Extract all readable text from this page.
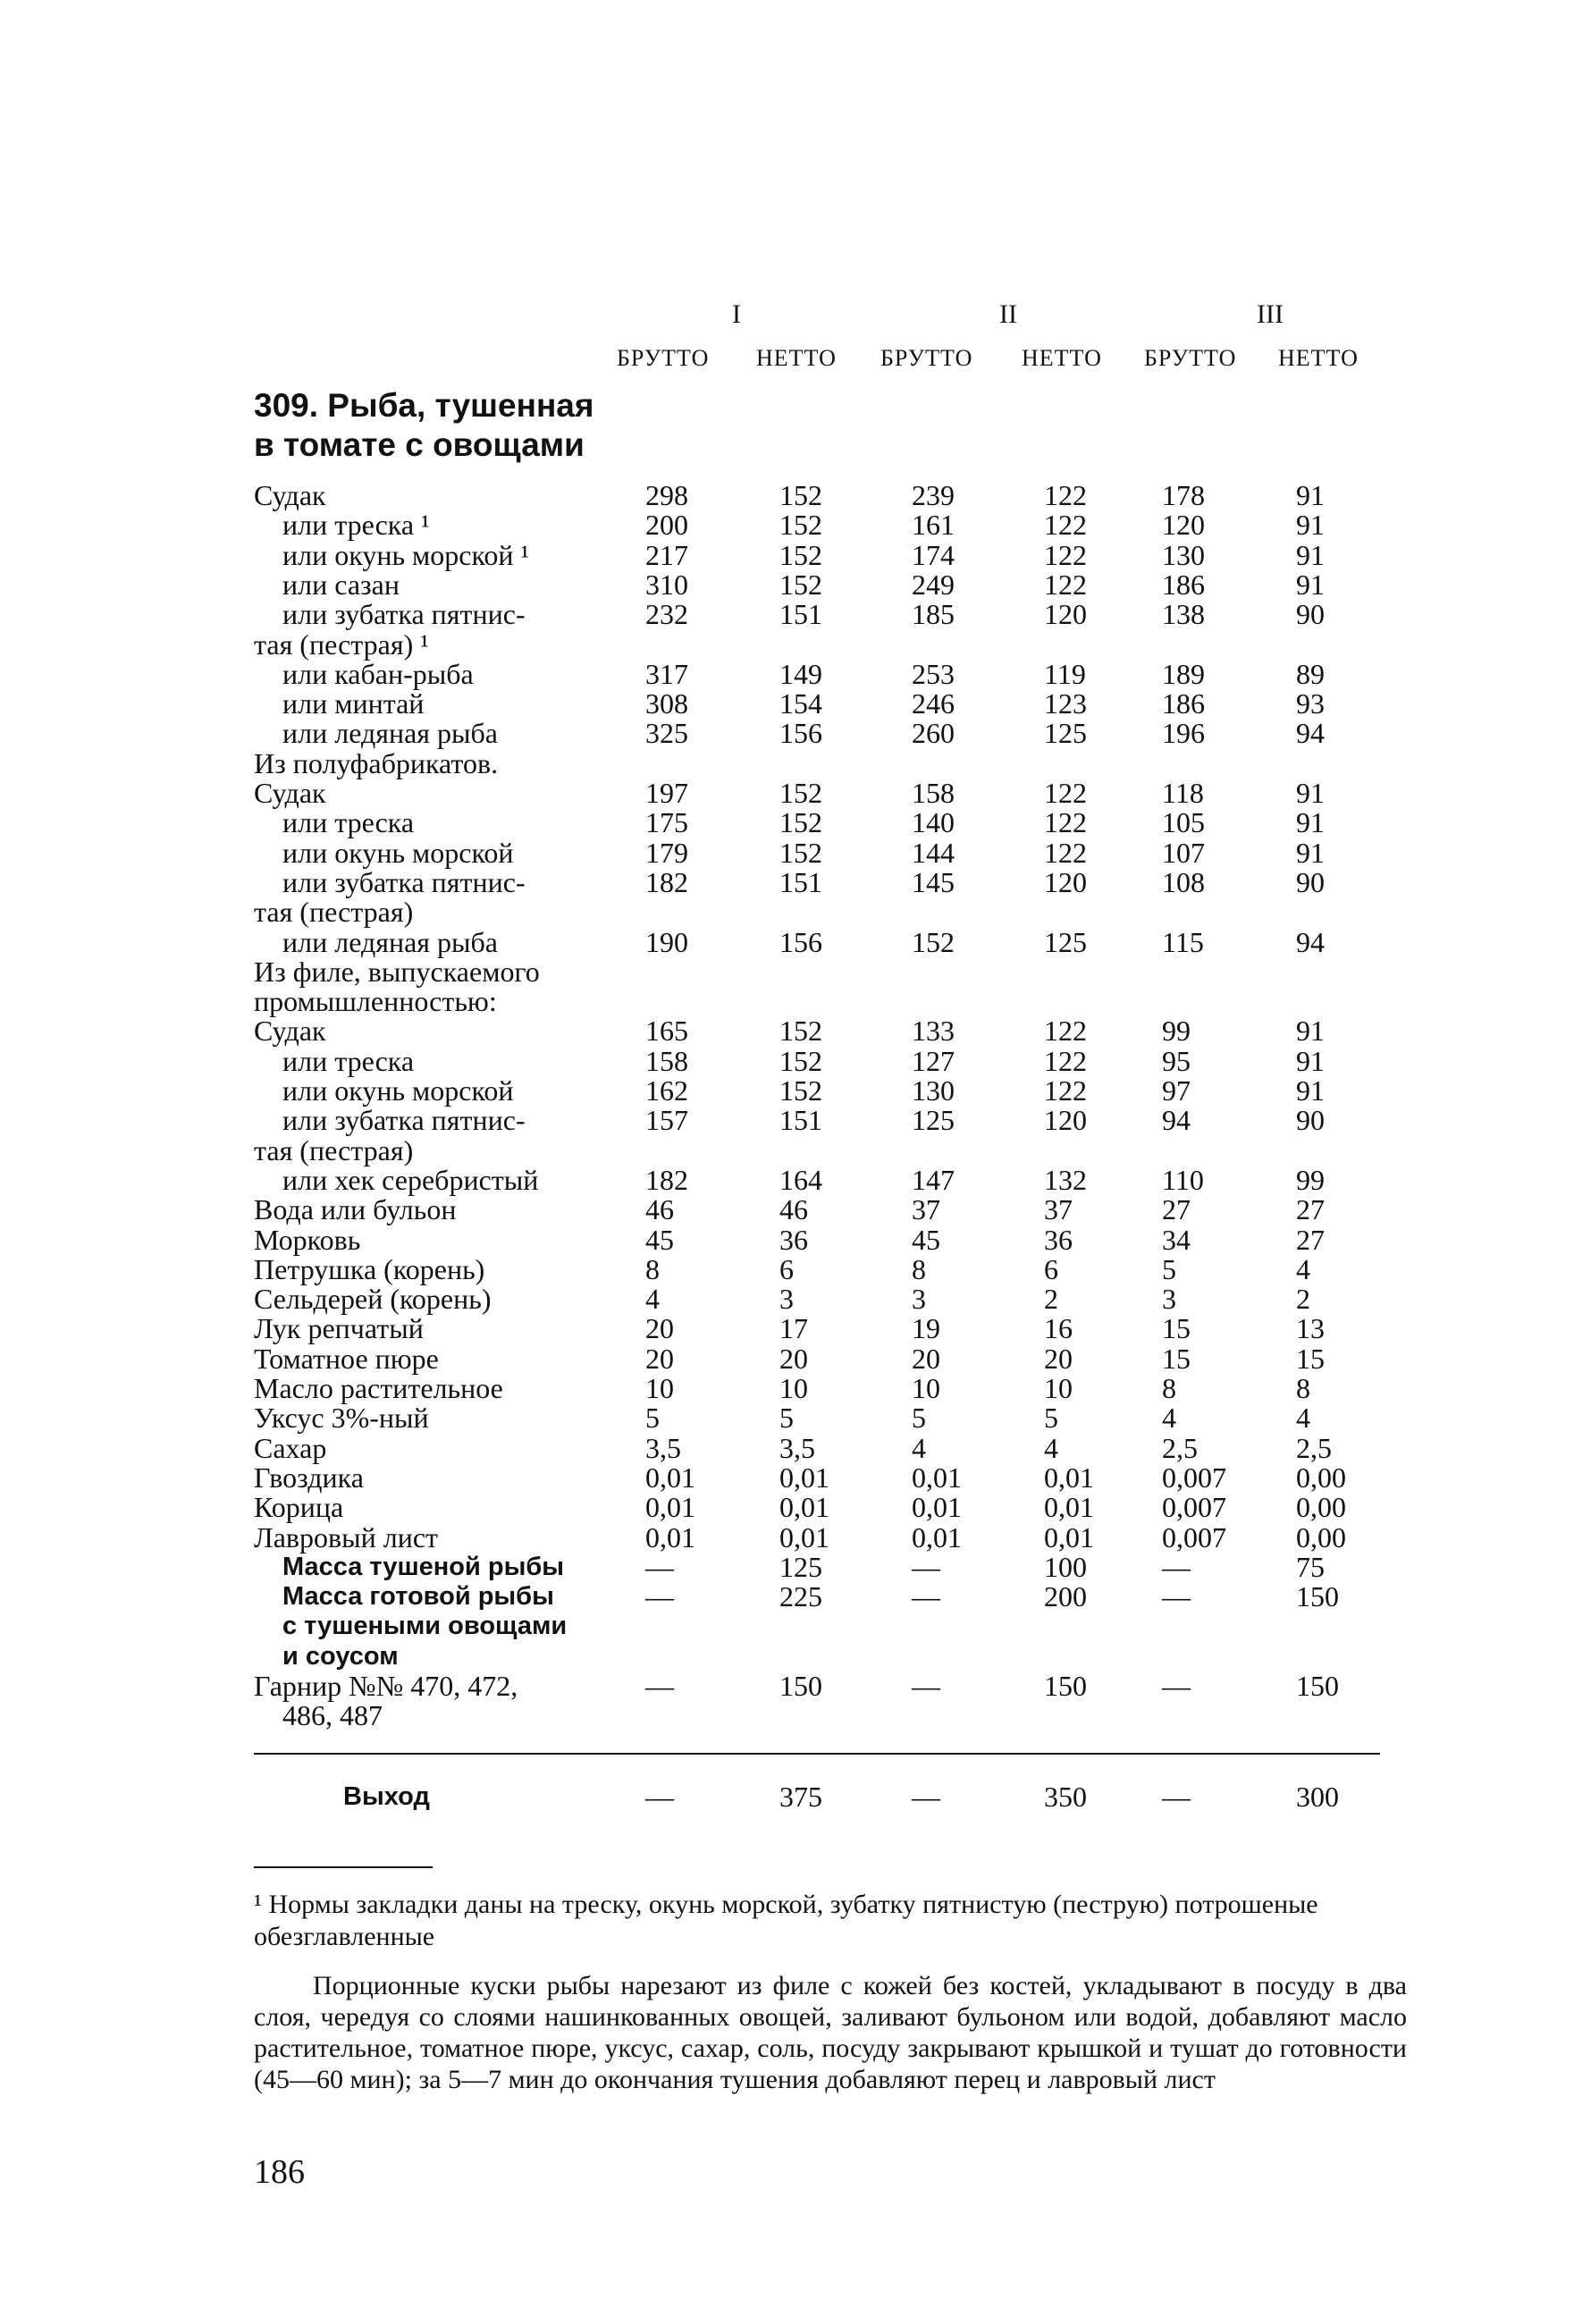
I	II	III
БРУТТО НЕТТО БРУТТО НЕТТО БРУТТО НЕТТО
309. Рыба, тушенная
в томате с овощами
Судак	298	152	239	122	178	91
или треска ¹	200	152	161	122	120	91
или окунь морской ¹	217	152	174	122	130	91
или сазан	310	152	249	122	186	91
или зубатка пятнис-	232	151	185	120	138	90
тая (пестрая) ¹
или кабан-рыба	317	149	253	119	189	89
или минтай	308	154	246	123	186	93
или ледяная рыба	325	156	260	125	196	94
Из полуфабрикатов.
Судак	197	152	158	122	118	91
или треска	175	152	140	122	105	91
или окунь морской	179	152	144	122	107	91
или зубатка пятнис-	182	151	145	120	108	90
тая (пестрая)
или ледяная рыба	190	156	152	125	115	94
Из филе, выпускаемого
промышленностью:
Судак	165	152	133	122	99	91
или треска	158	152	127	122	95	91
или окунь морской	162	152	130	122	97	91
или зубатка пятнис-	157	151	125	120	94	90
тая (пестрая)
или хек серебристый	182	164	147	132	110	99
Вода или бульон	46	46	37	37	27	27
Морковь	45	36	45	36	34	27
Петрушка (корень)	8	6	8	6	5	4
Сельдерей (корень)	4	3	3	2	3	2
Лук репчатый	20	17	19	16	15	13
Томатное пюре	20	20	20	20	15	15
Масло растительное	10	10	10	10	8	8
Уксус 3%-ный	5	5	5	5	4	4
Сахар	3,5	3,5	4	4	2,5	2,5
Гвоздика	0,01	0,01	0,01	0,01	0,007	0,00
Корица	0,01	0,01	0,01	0,01	0,007	0,00
Лавровый лист	0,01	0,01	0,01	0,01	0,007	0,00
Масса тушеной рыбы	—	125	—	100	—	75
Масса готовой рыбы	—	225	—	200	—	150
с тушеными овощами
и соусом
Гарнир №№ 470, 472,	—	150	—	150	—	150
486, 487
Выход	—	375	—	350	—	300
¹ Нормы закладки даны на треску, окунь морской, зубатку пятнистую (пеструю) потрошеные обезглавленные
Порционные куски рыбы нарезают из филе с кожей без костей, укладывают в посуду в два слоя, чередуя со слоями нашинкованных овощей, заливают бульоном или водой, добавляют масло растительное, томатное пюре, уксус, сахар, соль, посуду закрывают крышкой и тушат до готовности (45—60 мин); за 5—7 мин до окончания тушения добавляют перец и лавровый лист
186
